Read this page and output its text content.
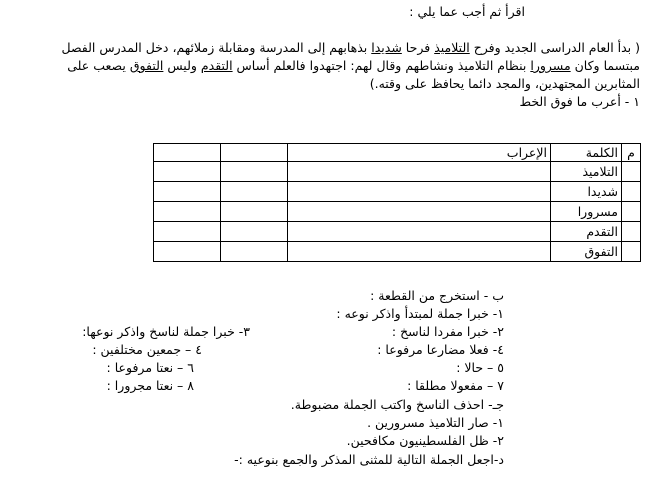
اقرأ ثم أجب عما يلي :
( بدأ العام الدراسى الجديد وفرح التلاميذ فرحا شديدا بذهابهم إلى المدرسة ومقابلة زملائهم، دخل المدرس الفصل
مبتسما وكان مسرورا بنظام التلاميذ ونشاطهم وقال لهم: اجتهدوا فالعلم أساس التقدم وليس التفوق يصعب على
المثابرين المجتهدين، والمجد دائما يحافظ على وقته.)
١ - أعرب ما فوق الخط
م	الكلمة	الإعراب		
	التلاميذ			
	شديدا			
	مسرورا			
	التقدم			
	التفوق			
ب - استخرج من القطعة :
١- خبرا جملة لمبتدأ واذكر نوعه :
٢- خبرا مفردا لناسخ :
٣- خبرا جملة لناسخ واذكر نوعها:
٤- فعلا مضارعا مرفوعا :
٤ – جمعين مختلفين :
٥ – حالا :
٦ – نعتا مرفوعا :
٧ – مفعولا مطلقا :
٨ – نعتا مجرورا :
جـ- احذف الناسخ واكتب الجملة مضبوطة.
١- صار التلاميذ مسرورين .
٢- ظل الفلسطينيون مكافحين.
د-اجعل الجملة التالية للمثنى المذكر والجمع بنوعيه :-
